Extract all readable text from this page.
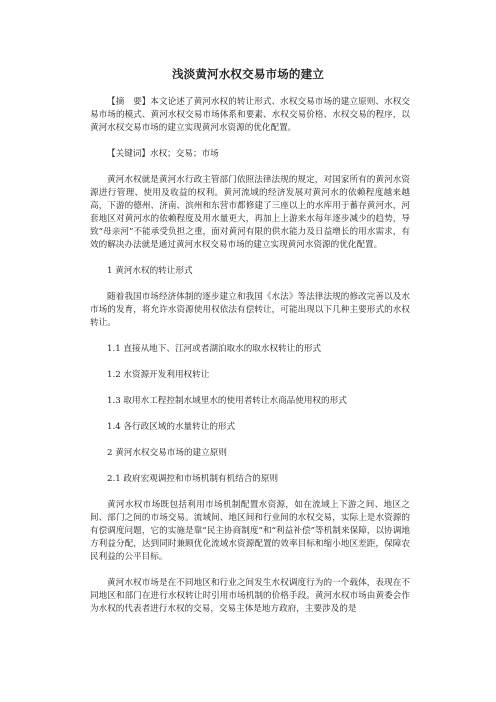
浅淡黄河水权交易市场的建立

【摘　要】本文论述了黄河水权的转让形式、水权交易市场的建立原则、水权交易市场的模式、黄河水权交易市场体系和要素、水权交易价格、水权交易的程序，以黄河水权交易市场的建立实现黄河水资源的优化配置。

【关键词】水权；交易；市场

黄河水权就是黄河水行政主管部门依照法律法规的规定，对国家所有的黄河水资源进行管理、使用及收益的权利。黄河流域的经济发展对黄河水的依赖程度越来越高，下游的德州、济南、滨州和东营市都修建了三座以上的水库用于蓄存黄河水，河套地区对黄河水的依赖程度及用水量更大，再加上上游来水每年逐步减少的趋势，导致“母亲河”不能承受负担之重，面对黄河有限的供水能力及日益增长的用水需求，有效的解决办法就是通过黄河水权交易市场的建立实现黄河水资源的优化配置。

1 黄河水权的转让形式

随着我国市场经济体制的逐步建立和我国《水法》等法律法规的修改完善以及水市场的发育，将允许水资源使用权依法有偿转让，可能出现以下几种主要形式的水权转让。

1.1 直接从地下、江河或者湖泊取水的取水权转让的形式

1.2 水资源开发利用权转让

1.3 取用水工程控制水域里水的使用者转让水商品使用权的形式

1.4 各行政区域的水量转让的形式

2 黄河水权交易市场的建立原则

2.1 政府宏观调控和市场机制有机结合的原则

黄河水权市场既包括利用市场机制配置水资源，如在流域上下游之间、地区之间、部门之间的市场交易。流域间、地区间和行业间的水权交易，实际上是水资源的有偿调度问题，它的实施是靠“民主协商制度”和“利益补偿”等机制来保障，以协调地方利益分配，达到同时兼顾优化流域水资源配置的效率目标和缩小地区差距，保障农民利益的公平目标。

黄河水权市场是在不同地区和行业之间发生水权调度行为的一个载体，表现在不同地区和部门在进行水权转让时引用市场机制的价格手段。黄河水权市场由黄委会作为水权的代表者进行水权的交易，交易主体是地方政府，主要涉及的是
